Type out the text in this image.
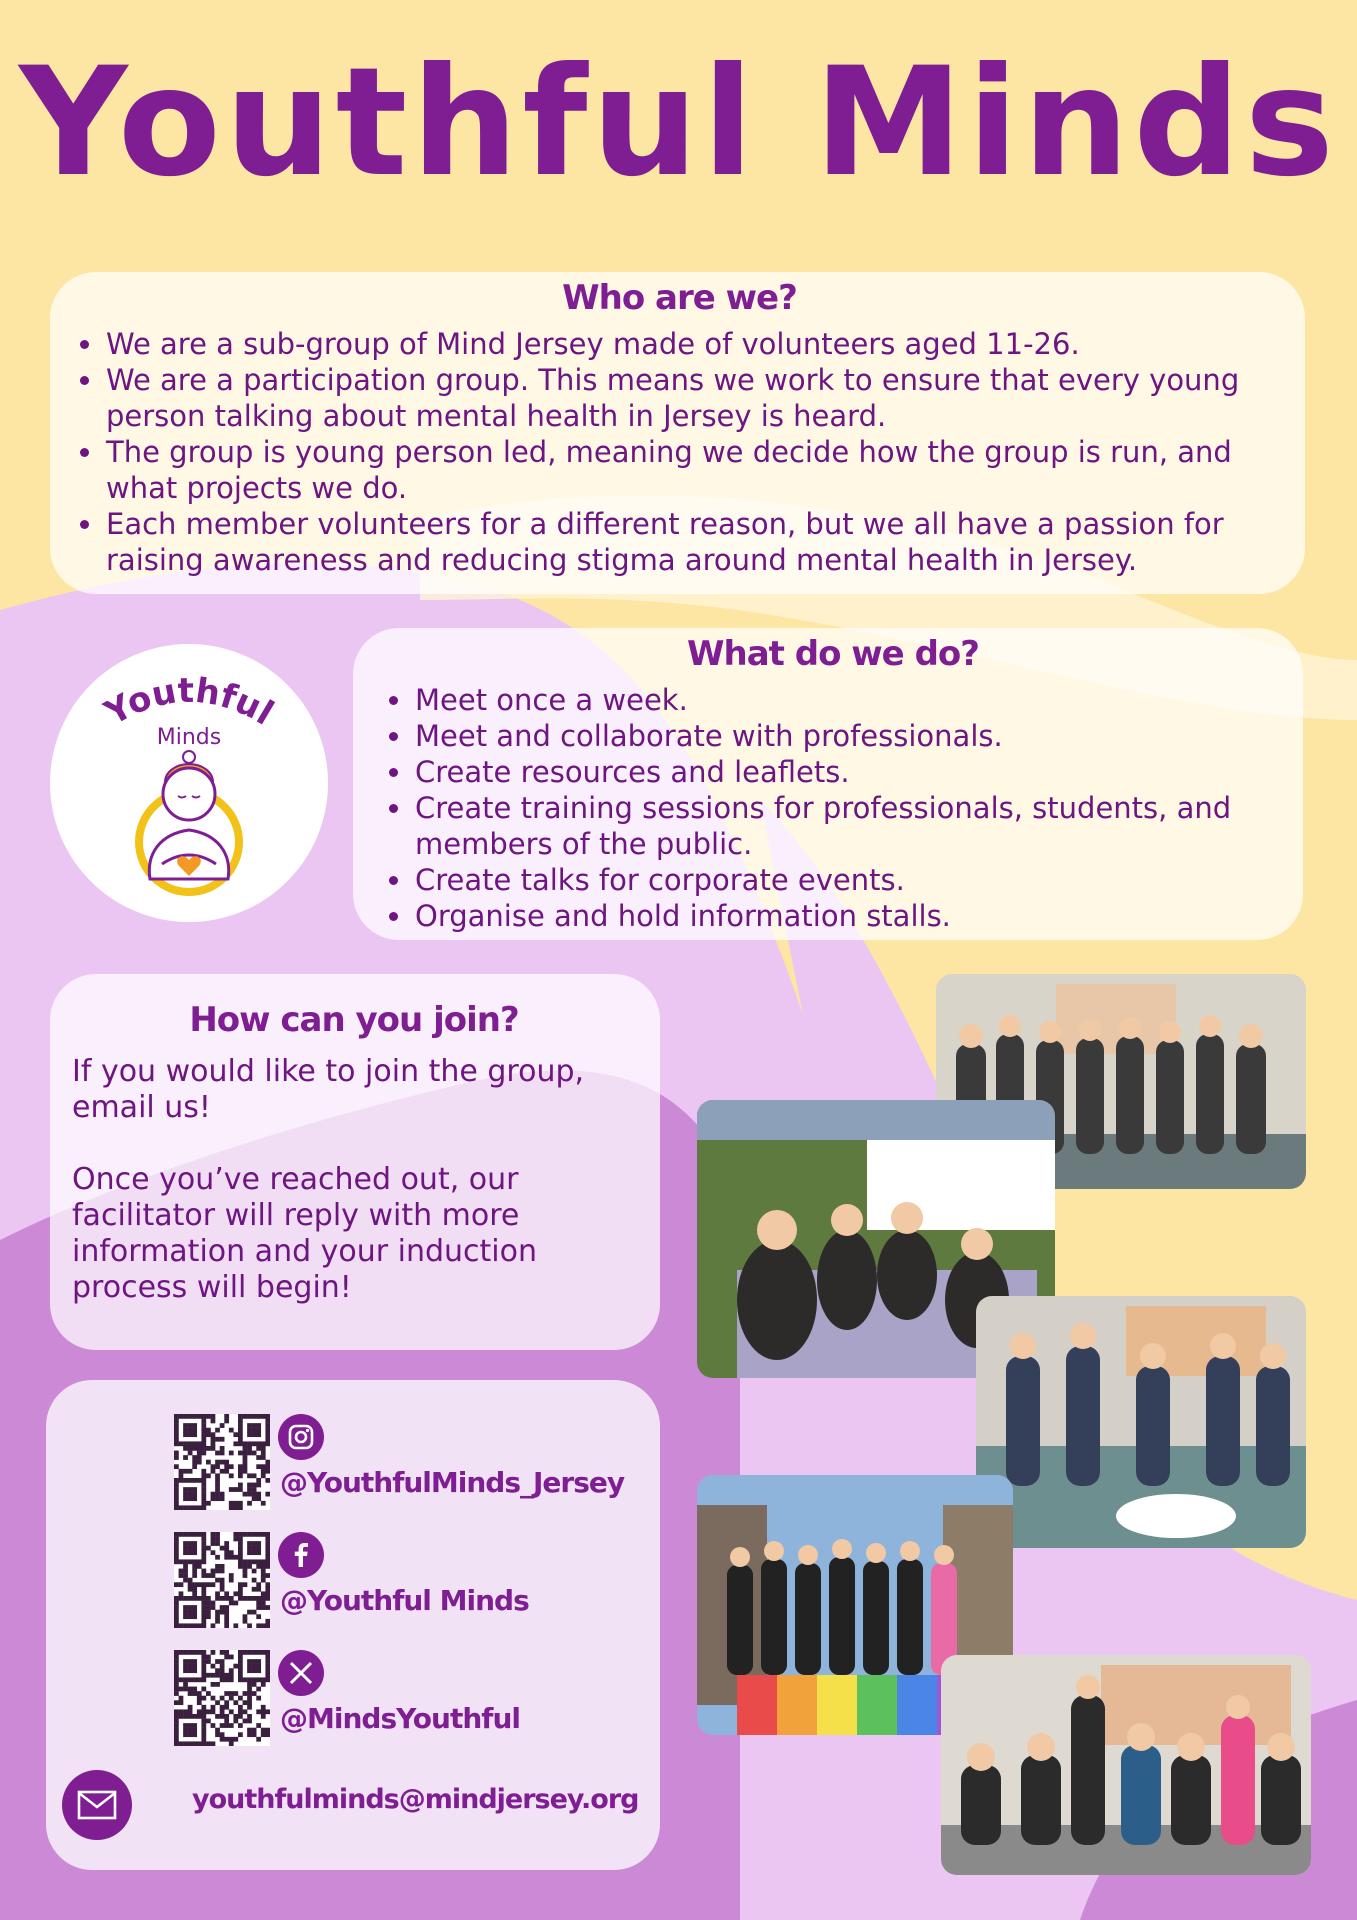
Youthful Minds
Who are we?
We are a sub-group of Mind Jersey made of volunteers aged 11-26.
We are a participation group. This means we work to ensure that every young person talking about mental health in Jersey is heard.
The group is young person led, meaning we decide how the group is run, and what projects we do.
Each member volunteers for a different reason, but we all have a passion for raising awareness and reducing stigma around mental health in Jersey.
Youthful
Minds
What do we do?
Meet once a week.
Meet and collaborate with professionals.
Create resources and leaflets.
Create training sessions for professionals, students, and members of the public.
Create talks for corporate events.
Organise and hold information stalls.
How can you join?

If you would like to join the group, email us!

Once you’ve reached out, our facilitator will reply with more information and your induction process will begin!

@YouthfulMinds_Jersey
@Youthful Minds
@MindsYouthful
youthfulminds@mindjersey.org
